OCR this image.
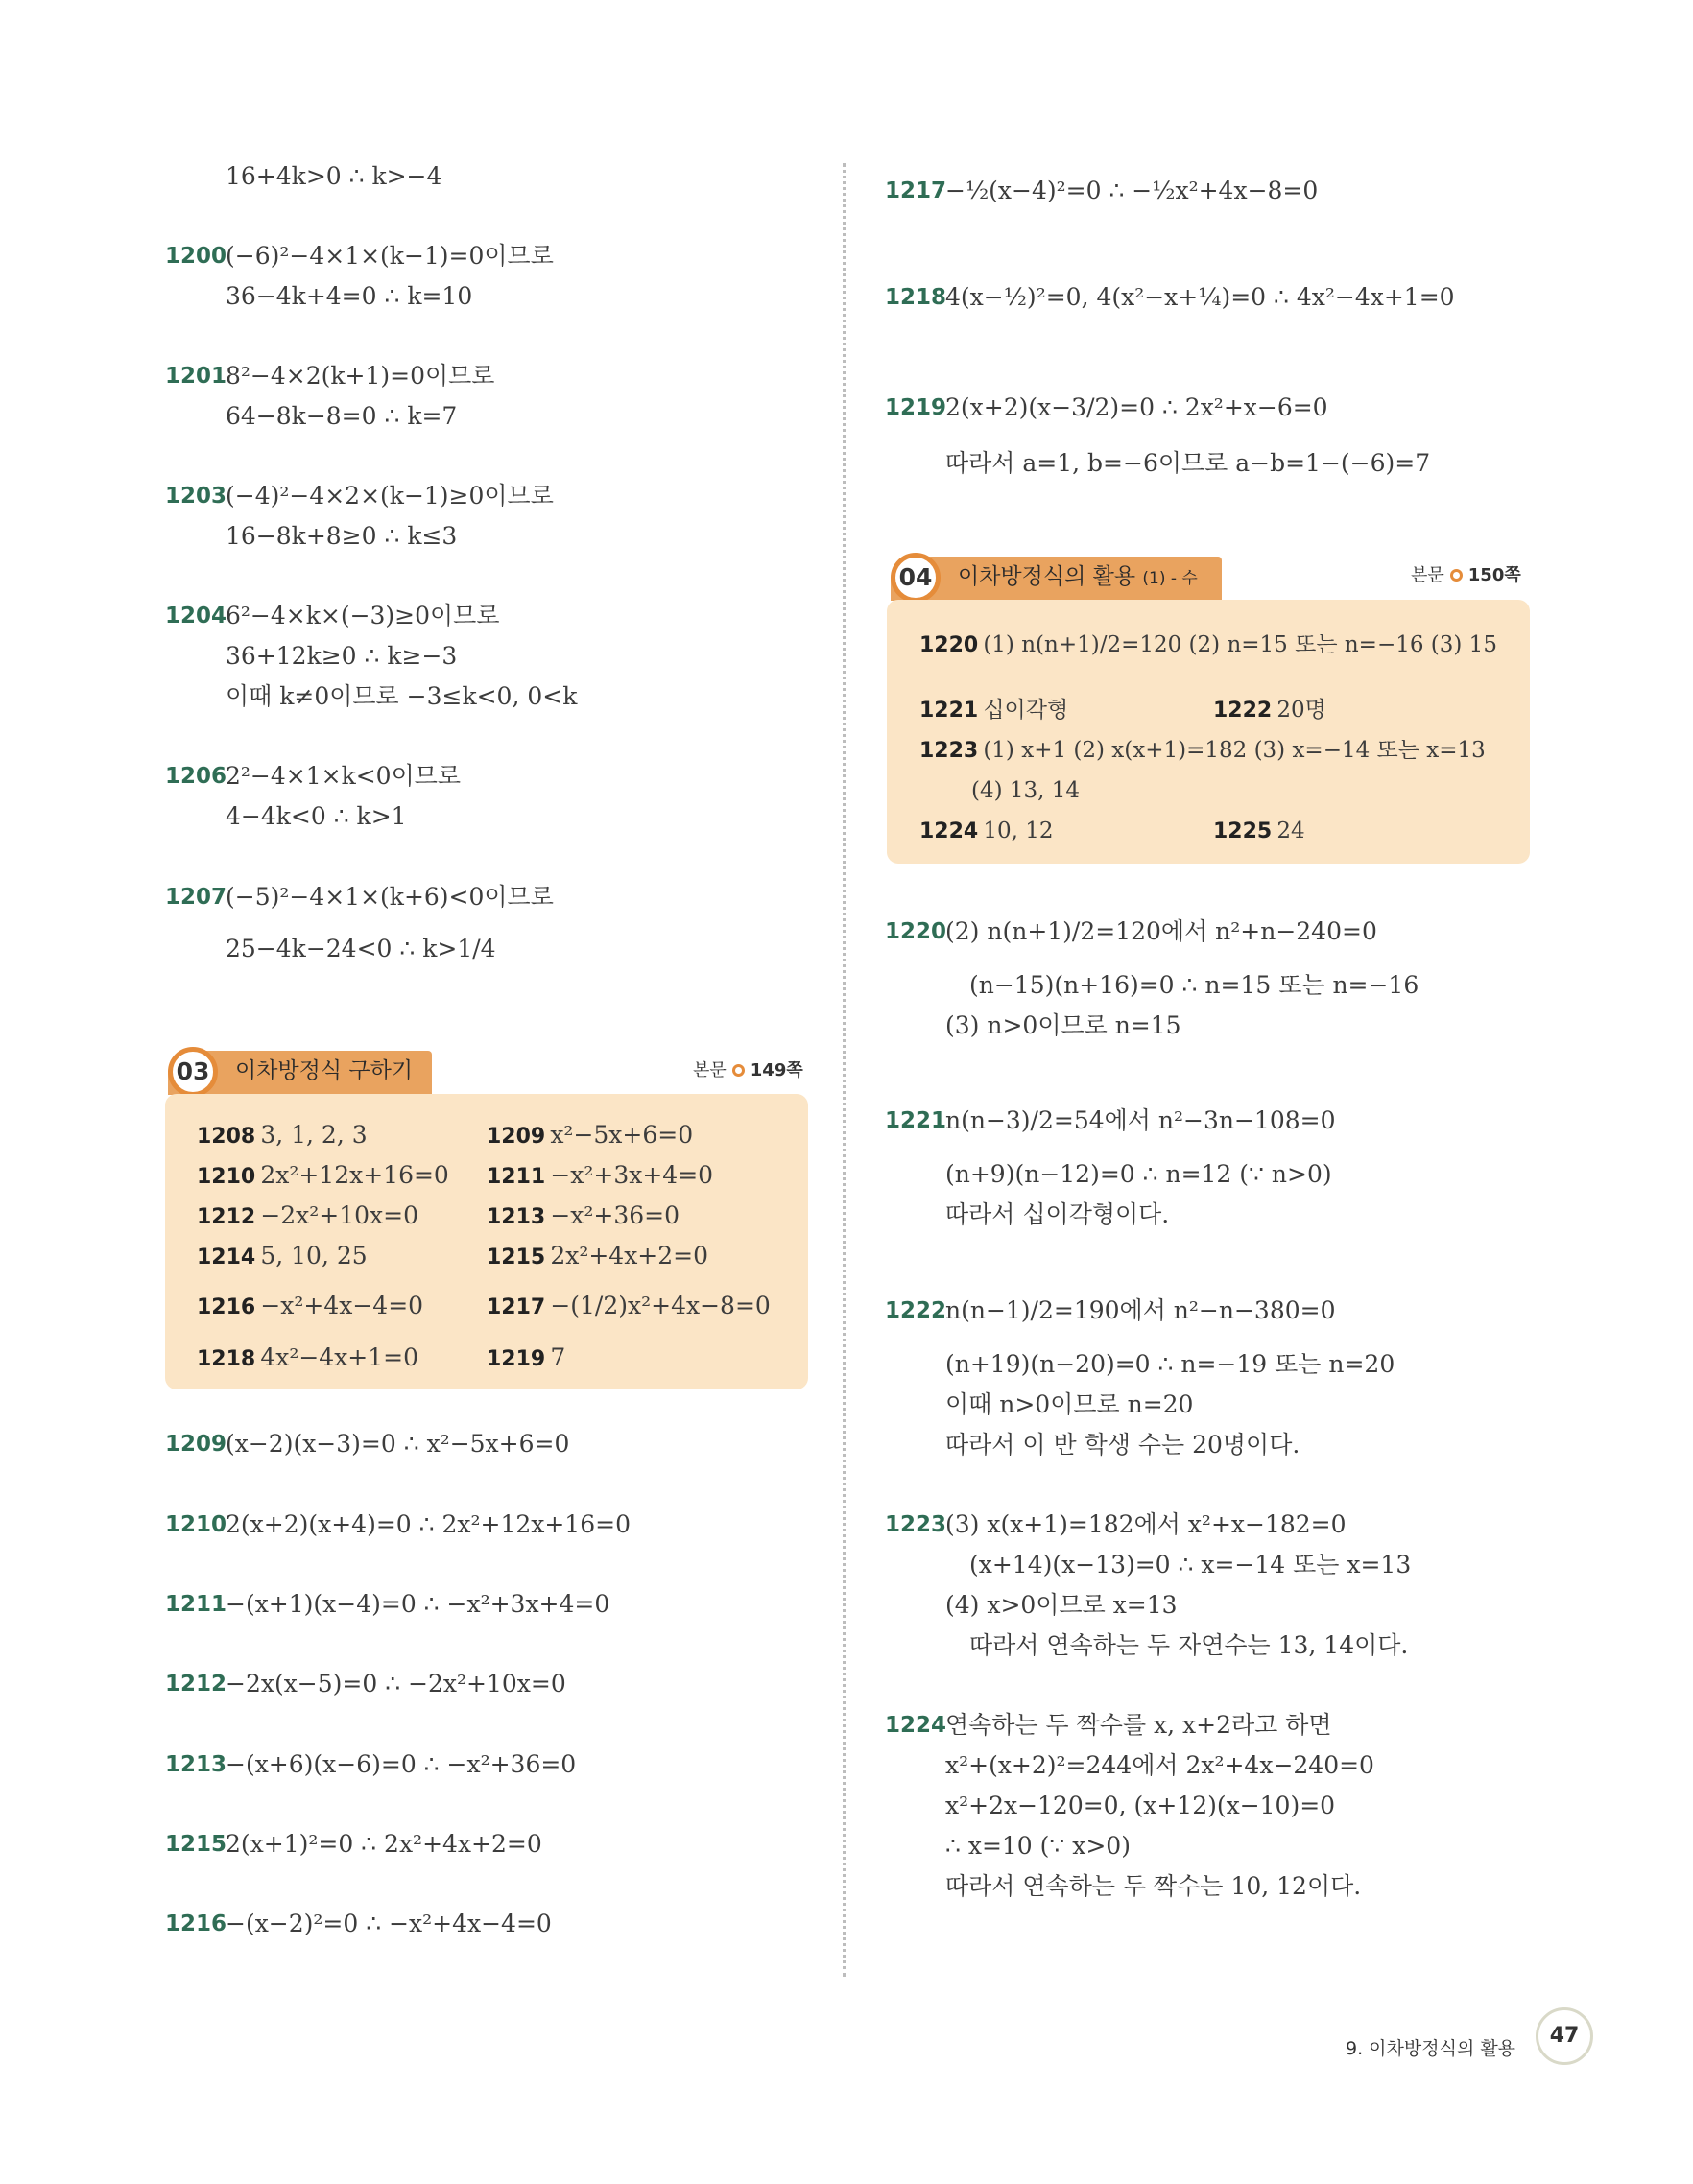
16+4k>0 ∴ k>−4
1200
(−6)²−4×1×(k−1)=0이므로
36−4k+4=0 ∴ k=10
1201
8²−4×2(k+1)=0이므로
64−8k−8=0 ∴ k=7
1203
(−4)²−4×2×(k−1)≥0이므로
16−8k+8≥0 ∴ k≤3
1204
6²−4×k×(−3)≥0이므로
36+12k≥0 ∴ k≥−3
이때 k≠0이므로 −3≤k<0, 0<k
1206
2²−4×1×k<0이므로
4−4k<0 ∴ k>1
1207
(−5)²−4×1×(k+6)<0이므로
25−4k−24<0 ∴ k>1/4
03	이차방정식 구하기	본문 149쪽
1208 3, 1, 2, 3	1209 x²−5x+6=0
1210 2x²+12x+16=0 1211 −x²+3x+4=0
1212 −2x²+10x=0	1213 −x²+36=0
1214 5, 10, 25	1215 2x²+4x+2=0
1216 −x²+4x−4=0	1217 −(1/2)x²+4x−8=0
1218 4x²−4x+1=0	1219 7
1209
(x−2)(x−3)=0 ∴ x²−5x+6=0
1210
2(x+2)(x+4)=0 ∴ 2x²+12x+16=0
1211
−(x+1)(x−4)=0 ∴ −x²+3x+4=0
1212
−2x(x−5)=0 ∴ −2x²+10x=0
1213
−(x+6)(x−6)=0 ∴ −x²+36=0
1215
2(x+1)²=0 ∴ 2x²+4x+2=0
1216
−(x−2)²=0 ∴ −x²+4x−4=0
1217
−½(x−4)²=0 ∴ −½x²+4x−8=0
1218
4(x−½)²=0, 4(x²−x+¼)=0 ∴ 4x²−4x+1=0
1219
2(x+2)(x−3/2)=0 ∴ 2x²+x−6=0
따라서 a=1, b=−6이므로 a−b=1−(−6)=7
04	이차방정식의 활용 (1) - 수	본문 150쪽
1220 (1) n(n+1)/2=120 (2) n=15 또는 n=−16 (3) 15
1221 십이각형	1222 20명
1223 (1) x+1 (2) x(x+1)=182 (3) x=−14 또는 x=13
(4) 13, 14
1224 10, 12	1225 24
1220
(2) n(n+1)/2=120에서 n²+n−240=0
(n−15)(n+16)=0 ∴ n=15 또는 n=−16
(3) n>0이므로 n=15
1221
n(n−3)/2=54에서 n²−3n−108=0
(n+9)(n−12)=0 ∴ n=12 (∵ n>0)
따라서 십이각형이다.
1222
n(n−1)/2=190에서 n²−n−380=0
(n+19)(n−20)=0 ∴ n=−19 또는 n=20
이때 n>0이므로 n=20
따라서 이 반 학생 수는 20명이다.
1223
(3) x(x+1)=182에서 x²+x−182=0
(x+14)(x−13)=0 ∴ x=−14 또는 x=13
(4) x>0이므로 x=13
따라서 연속하는 두 자연수는 13, 14이다.
1224
연속하는 두 짝수를 x, x+2라고 하면
x²+(x+2)²=244에서 2x²+4x−240=0
x²+2x−120=0, (x+12)(x−10)=0
∴ x=10 (∵ x>0)
따라서 연속하는 두 짝수는 10, 12이다.
9. 이차방정식의 활용
47
